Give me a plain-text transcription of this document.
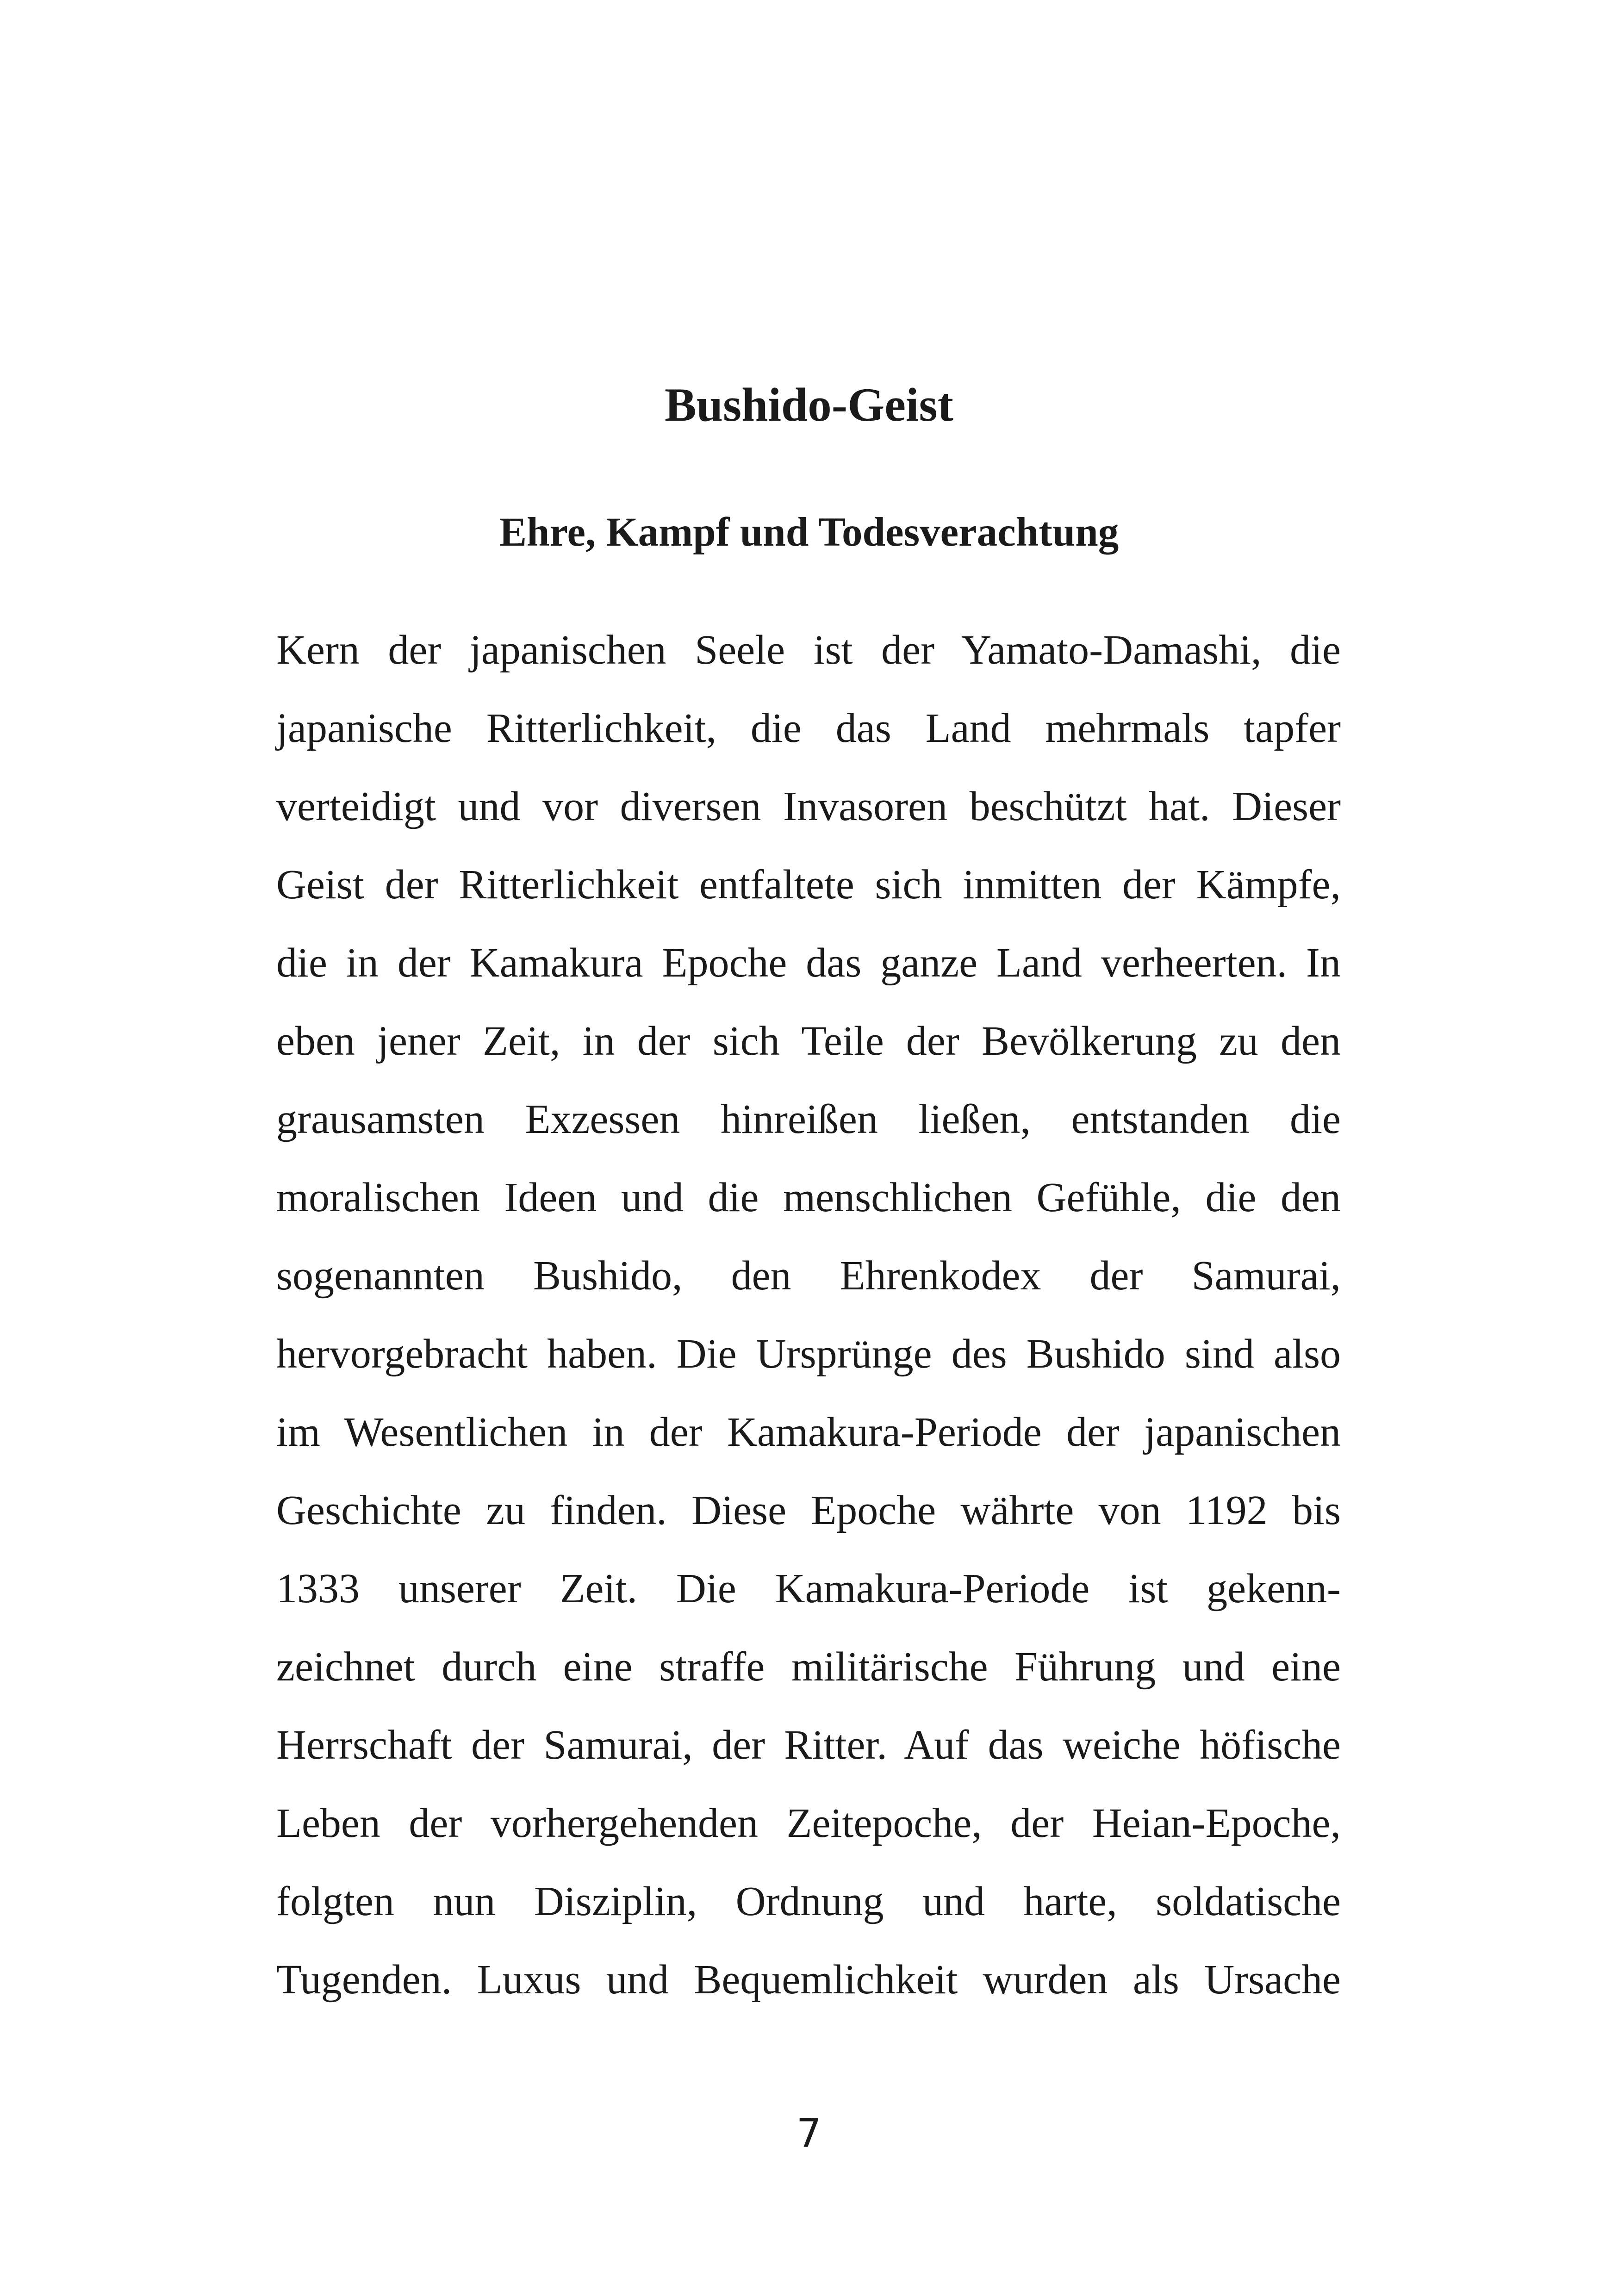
Bushido-Geist
Ehre, Kampf und Todesverachtung
Kern der japanischen Seele ist der Yamato-Damashi, die
japanische Ritterlichkeit, die das Land mehrmals tapfer
verteidigt und vor diversen Invasoren beschützt hat. Dieser
Geist der Ritterlichkeit entfaltete sich inmitten der Kämpfe,
die in der Kamakura Epoche das ganze Land verheerten. In
eben jener Zeit, in der sich Teile der Bevölkerung zu den
grausamsten Exzessen hinreißen ließen, entstanden die
moralischen Ideen und die menschlichen Gefühle, die den
sogenannten Bushido, den Ehrenkodex der Samurai,
hervorgebracht haben. Die Ursprünge des Bushido sind also
im Wesentlichen in der Kamakura-Periode der japanischen
Geschichte zu finden. Diese Epoche währte von 1192 bis
1333 unserer Zeit. Die Kamakura-Periode ist gekenn-
zeichnet durch eine straffe militärische Führung und eine
Herrschaft der Samurai, der Ritter. Auf das weiche höfische
Leben der vorhergehenden Zeitepoche, der Heian-Epoche,
folgten nun Disziplin, Ordnung und harte, soldatische
Tugenden. Luxus und Bequemlichkeit wurden als Ursache

7
